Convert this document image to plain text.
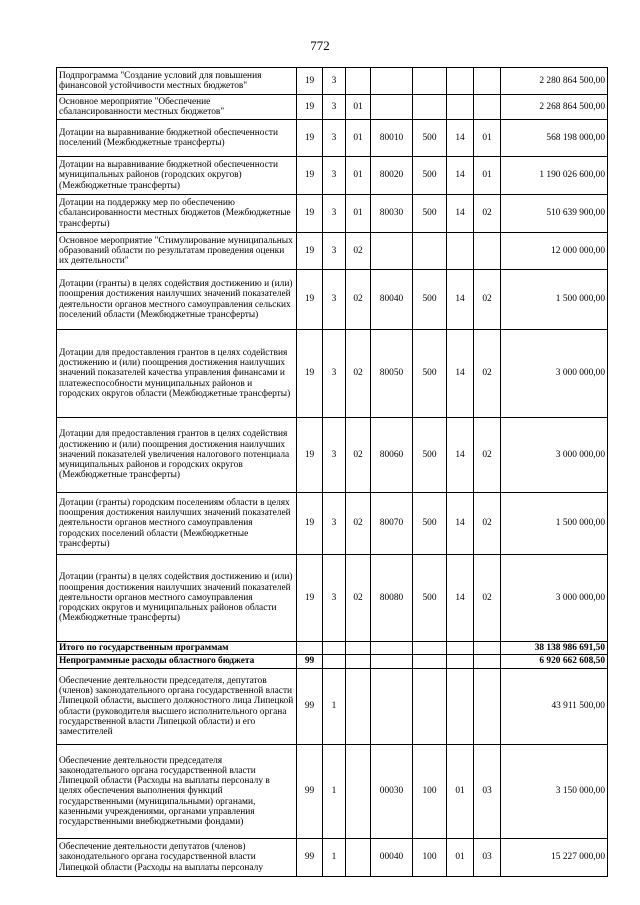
772
Подпрограмма "Создание условий для повышения финансовой устойчивости местных бюджетов"	19	3						2 280 864 500,00
Основное мероприятие "Обеспечение сбалансированности местных бюджетов"	19	3	01					2 268 864 500,00
Дотации на выравнивание бюджетной обеспеченности поселений (Межбюджетные трансферты)	19	3	01	80010	500	14	01	568 198 000,00
Дотации на выравнивание бюджетной обеспеченности муниципальных районов (городских округов) (Межбюджетные трансферты)	19	3	01	80020	500	14	01	1 190 026 600,00
Дотации на поддержку мер по обеспечению сбалансированности местных бюджетов (Межбюджетные трансферты)	19	3	01	80030	500	14	02	510 639 900,00
Основное мероприятие "Стимулирование муниципальных образований области по результатам проведения оценки их деятельности"	19	3	02					12 000 000,00
Дотации (гранты) в целях содействия достижению и (или) поощрения достижения наилучших значений показателей деятельности органов местного самоуправления сельских поселений области (Межбюджетные трансферты)	19	3	02	80040	500	14	02	1 500 000,00
Дотации для предоставления грантов в целях содействия достижению и (или) поощрения достижения наилучших значений показателей качества управления финансами и платежеспособности муниципальных районов и городских округов области (Межбюджетные трансферты)	19	3	02	80050	500	14	02	3 000 000,00
Дотации для предоставления грантов в целях содействия достижению и (или) поощрения достижения наилучших значений показателей увеличения налогового потенциала муниципальных районов и городских округов (Межбюджетные трансферты)	19	3	02	80060	500	14	02	3 000 000,00
Дотации (гранты) городским поселениям области в целях поощрения достижения наилучших значений показателей деятельности органов местного самоуправления городских поселений области (Межбюджетные трансферты)	19	3	02	80070	500	14	02	1 500 000,00
Дотации (гранты) в целях содействия достижению и (или) поощрения достижения наилучших значений показателей деятельности органов местного самоуправления городских округов и муниципальных районов области (Межбюджетные трансферты)	19	3	02	80080	500	14	02	3 000 000,00
Итого по государственным программам								38 138 986 691,50
Непрограммные расходы областного бюджета	99							6 920 662 608,50
Обеспечение деятельности председателя, депутатов (членов) законодательного органа государственной власти Липецкой области, высшего должностного лица Липецкой области (руководителя высшего исполнительного органа государственной власти Липецкой области) и его заместителей	99	1						43 911 500,00
Обеспечение деятельности председателя законодательного органа государственной власти Липецкой области (Расходы на выплаты персоналу в целях обеспечения выполнения функций государственными (муниципальными) органами, казенными учреждениями, органами управления государственными внебюджетными фондами)	99	1		00030	100	01	03	3 150 000,00
Обеспечение деятельности депутатов (членов) законодательного органа государственной власти Липецкой области (Расходы на выплаты персоналу	99	1		00040	100	01	03	15 227 000,00
